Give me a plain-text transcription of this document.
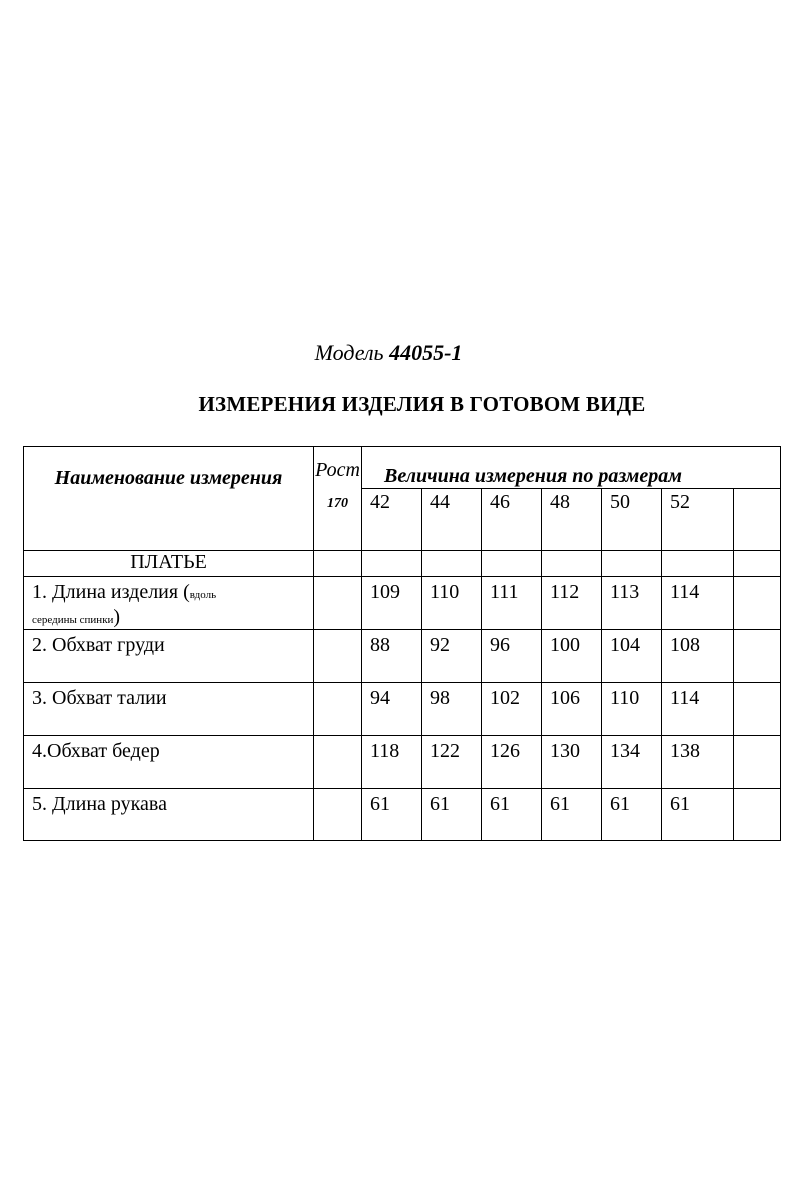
Модель 44055-1
ИЗМЕРЕНИЯ ИЗДЕЛИЯ В ГОТОВОМ ВИДЕ
Наименование измерения	Рост
170	Величина измерения по размерам						
		42	44	46	48	50	52	
ПЛАТЬЕ								
1. Длина изделия (вдоль
середины спинки)		109	110	111	112	113	114	
2. Обхват груди		88	92	96	100	104	108	
3. Обхват талии		94	98	102	106	110	114	
4.Обхват бедер		118	122	126	130	134	138	
5. Длина рукава		61	61	61	61	61	61	
